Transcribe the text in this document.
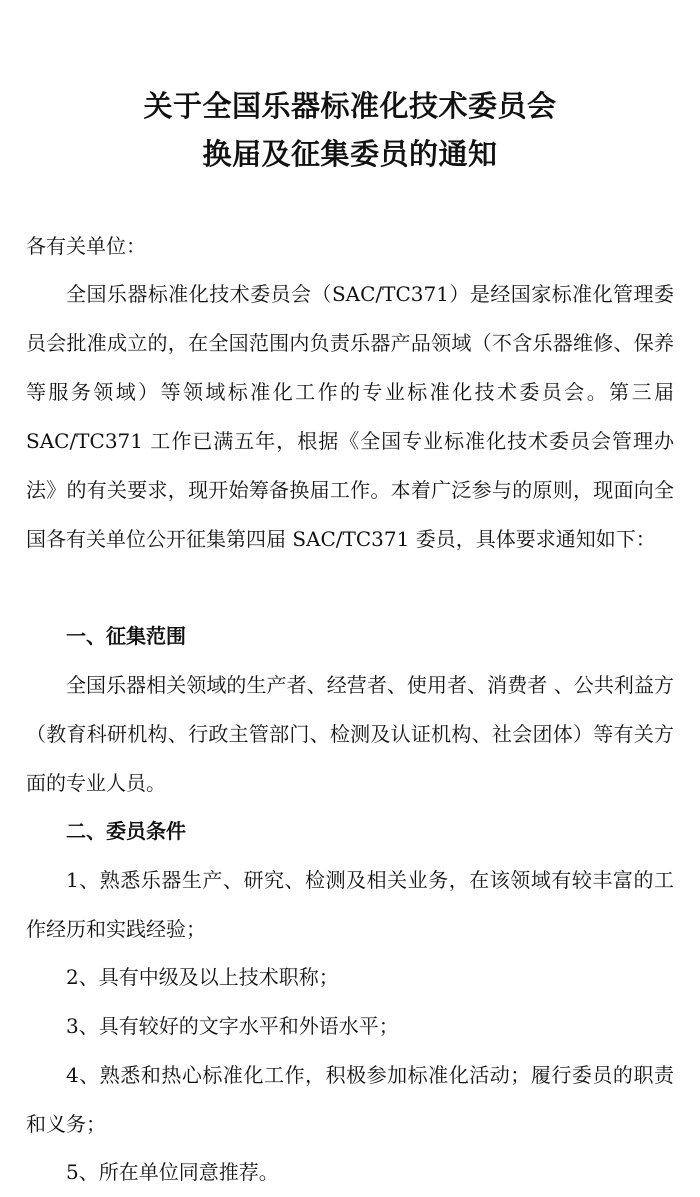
关于全国乐器标准化技术委员会
换届及征集委员的通知
各有关单位：
全国乐器标准化技术委员会（SAC/TC371）是经国家标准化管理委员会批准成立的，在全国范围内负责乐器产品领域（不含乐器维修、保养等服务领域）等领域标准化工作的专业标准化技术委员会。第三届 SAC/TC371 工作已满五年，根据《全国专业标准化技术委员会管理办法》的有关要求，现开始筹备换届工作。本着广泛参与的原则，现面向全国各有关单位公开征集第四届 SAC/TC371 委员，具体要求通知如下：
一、征集范围
全国乐器相关领域的生产者、经营者、使用者、消费者 、公共利益方（教育科研机构、行政主管部门、检测及认证机构、社会团体）等有关方面的专业人员。
二、委员条件
1、熟悉乐器生产、研究、检测及相关业务，在该领域有较丰富的工作经历和实践经验；
2、具有中级及以上技术职称；
3、具有较好的文字水平和外语水平；
4、熟悉和热心标准化工作，积极参加标准化活动；履行委员的职责和义务；
5、所在单位同意推荐。
